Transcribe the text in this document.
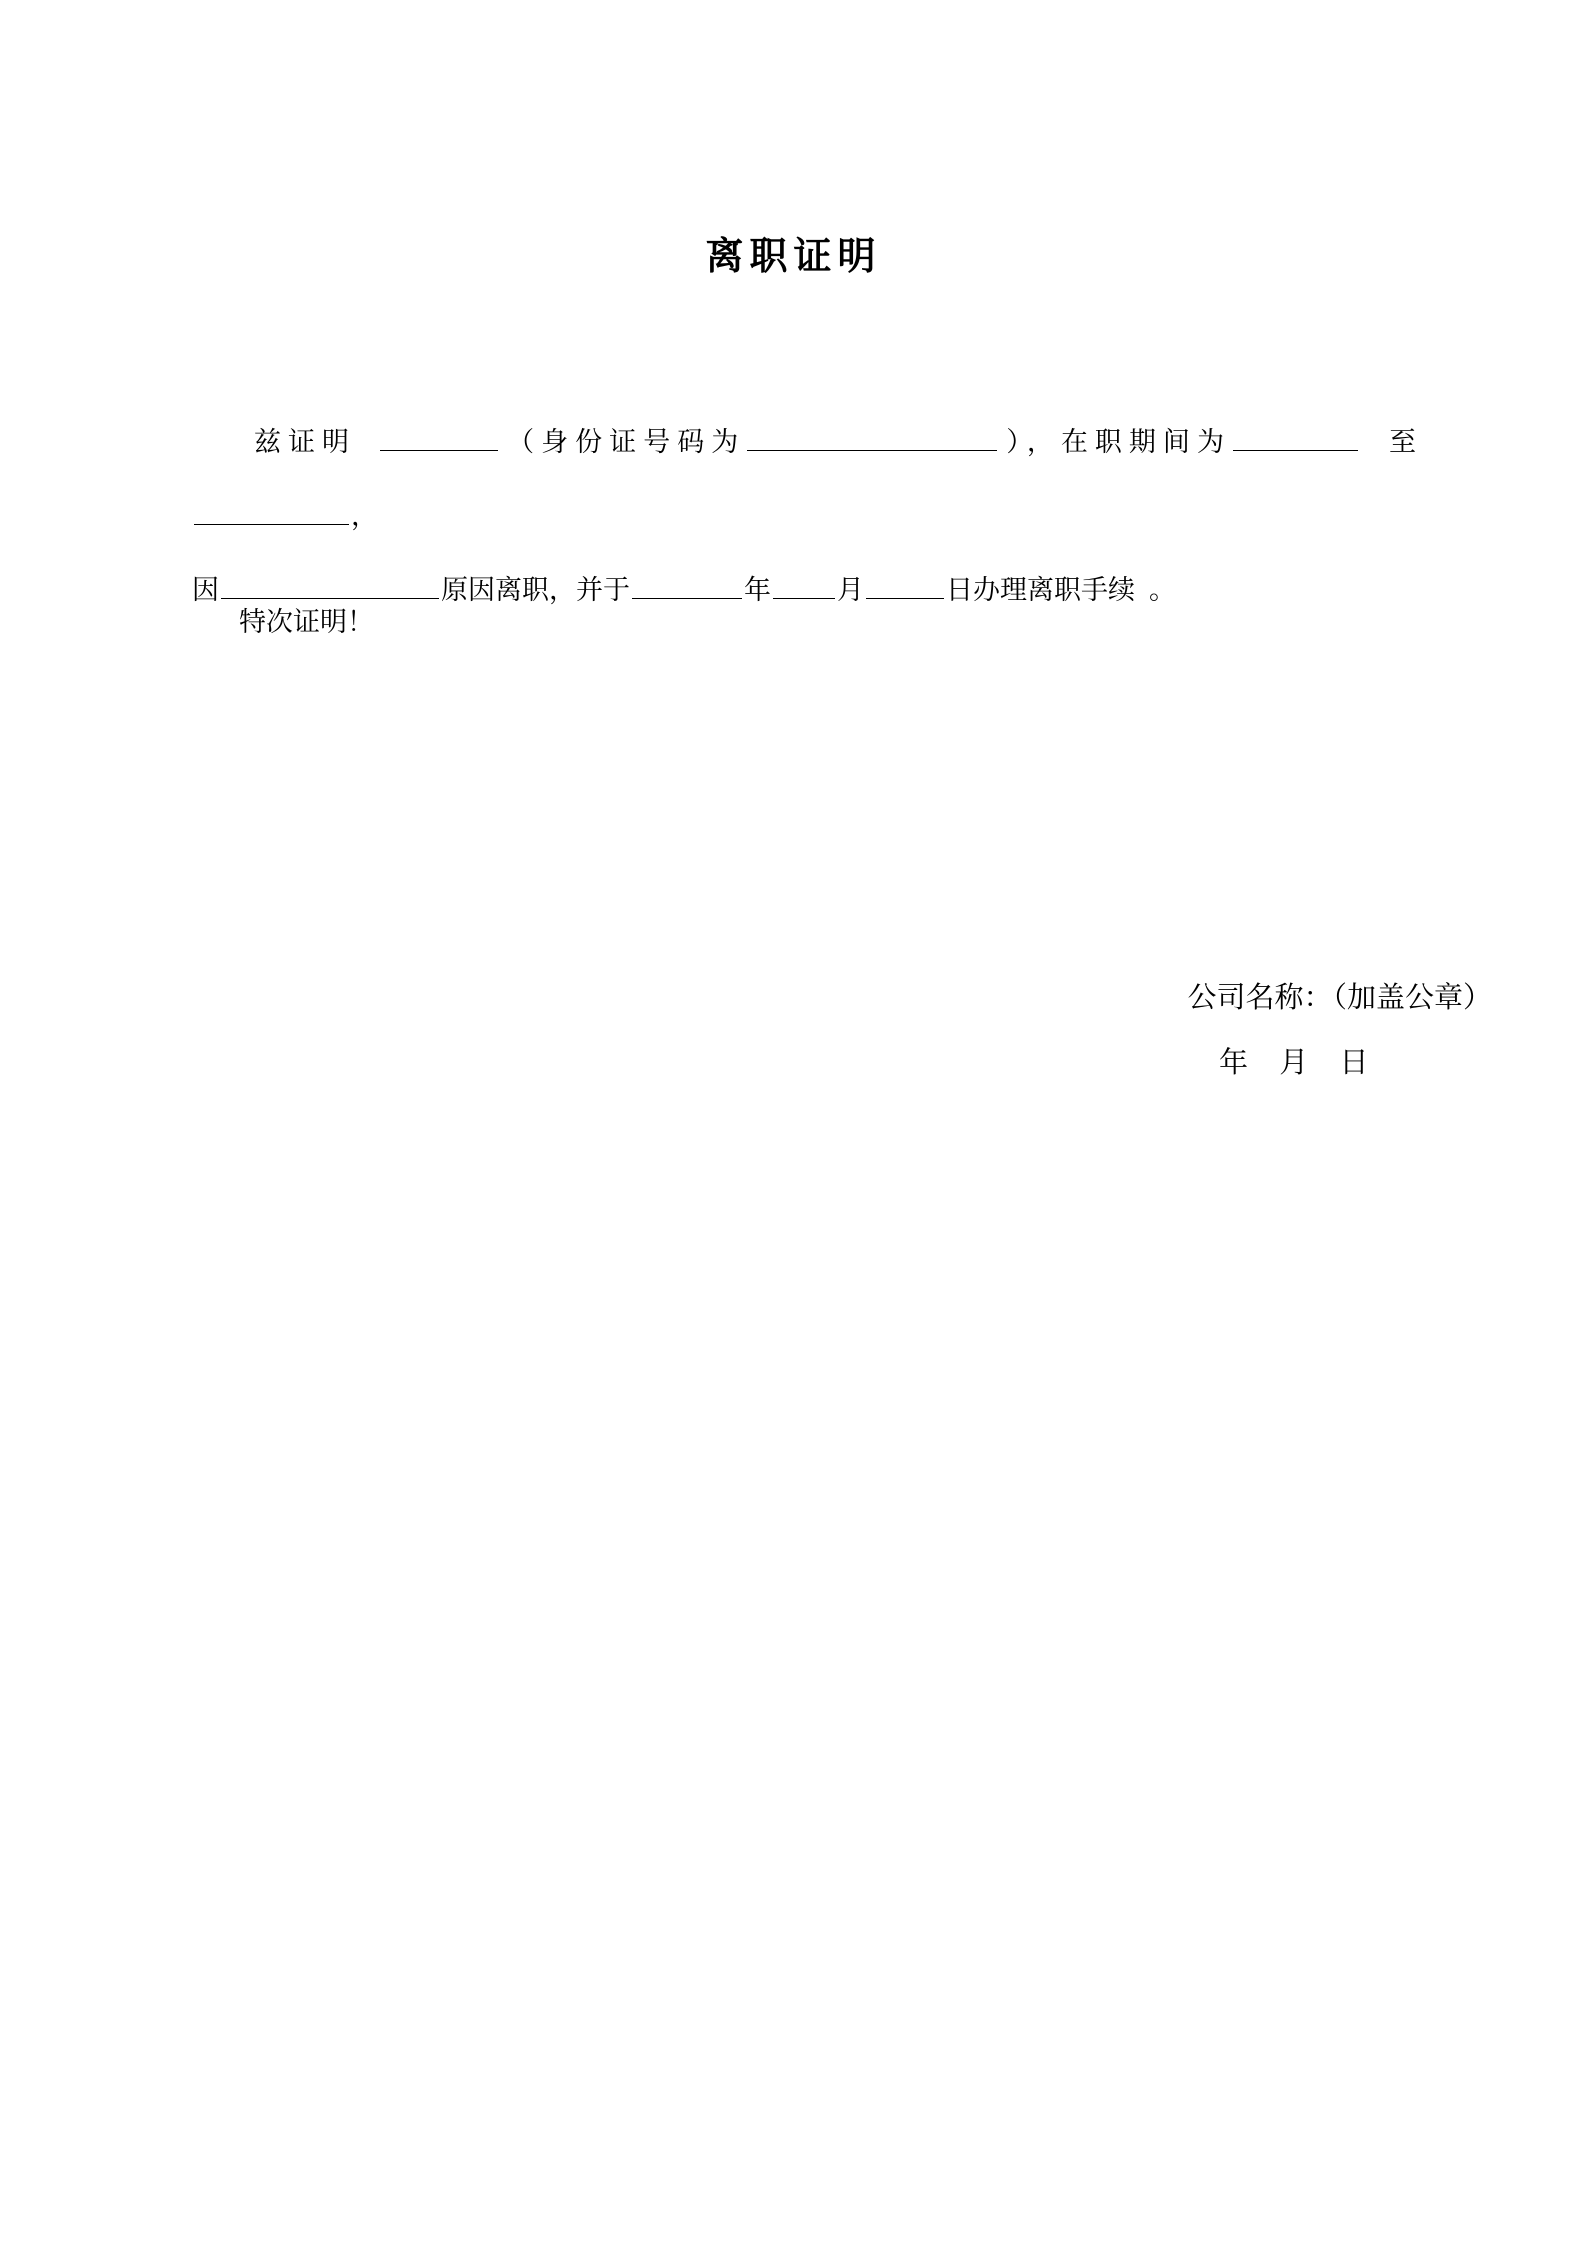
离职证明

兹证明	（身份证号码为	），在职期间为	至，

因	原因离职，并于	年 月	日办理离职手续 。

特次证明！
公司名称：（加盖公章）
年 月 日
